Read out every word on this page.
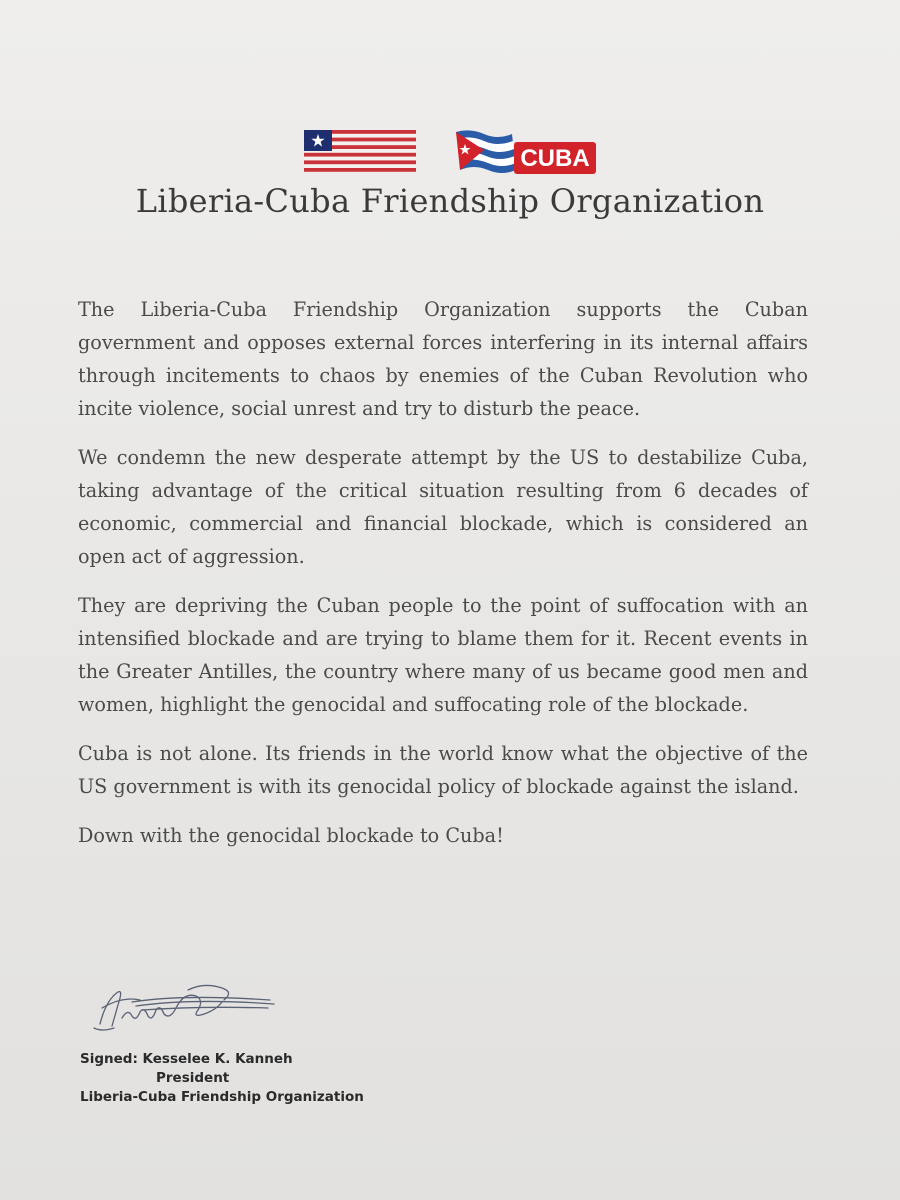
CUBA
Liberia-Cuba Friendship Organization

The Liberia-Cuba Friendship Organization supports the Cuban government and opposes external forces interfering in its internal affairs through incitements to chaos by enemies of the Cuban Revolution who incite violence, social unrest and try to disturb the peace.

We condemn the new desperate attempt by the US to destabilize Cuba, taking advantage of the critical situation resulting from 6 decades of economic, commercial and financial blockade, which is considered an open act of aggression.

They are depriving the Cuban people to the point of suffocation with an intensified blockade and are trying to blame them for it. Recent events in the Greater Antilles, the country where many of us became good men and women, highlight the genocidal and suffocating role of the blockade.

Cuba is not alone. Its friends in the world know what the objective of the US government is with its genocidal policy of blockade against the island.

Down with the genocidal blockade to Cuba!

Signed: Kesselee K. Kanneh
President
Liberia-Cuba Friendship Organization
